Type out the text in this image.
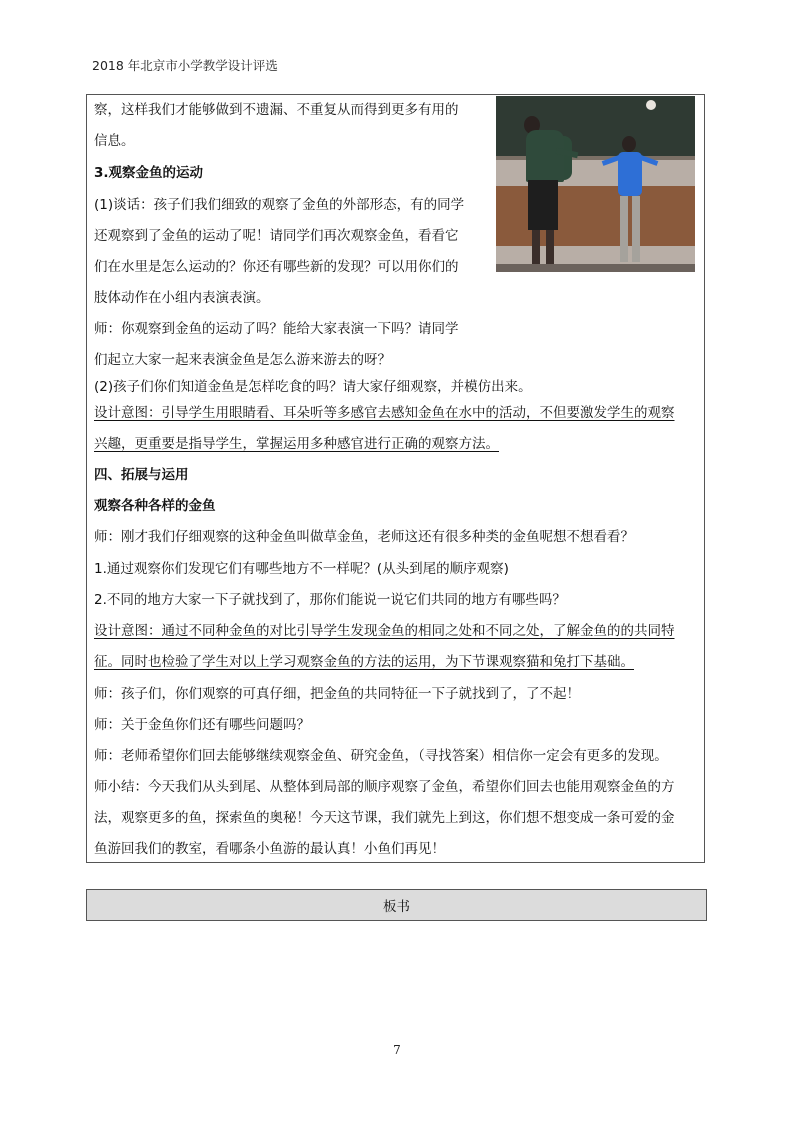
2018 年北京市小学教学设计评选
察，这样我们才能够做到不遗漏、不重复从而得到更多有用的
信息。
3.观察金鱼的运动
(1)谈话：孩子们我们细致的观察了金鱼的外部形态，有的同学
还观察到了金鱼的运动了呢！请同学们再次观察金鱼，看看它
们在水里是怎么运动的？你还有哪些新的发现？可以用你们的
肢体动作在小组内表演表演。
师：你观察到金鱼的运动了吗？能给大家表演一下吗？请同学
们起立大家一起来表演金鱼是怎么游来游去的呀？
(2)孩子们你们知道金鱼是怎样吃食的吗？请大家仔细观察，并模仿出来。
设计意图：引导学生用眼睛看、耳朵听等多感官去感知金鱼在水中的活动，不但要激发学生的观察
兴趣，更重要是指导学生，掌握运用多种感官进行正确的观察方法。
四、拓展与运用
观察各种各样的金鱼
师：刚才我们仔细观察的这种金鱼叫做草金鱼，老师这还有很多种类的金鱼呢想不想看看？
1.通过观察你们发现它们有哪些地方不一样呢？(从头到尾的顺序观察)
2.不同的地方大家一下子就找到了，那你们能说一说它们共同的地方有哪些吗？
设计意图：通过不同种金鱼的对比引导学生发现金鱼的相同之处和不同之处，了解金鱼的的共同特
征。同时也检验了学生对以上学习观察金鱼的方法的运用，为下节课观察猫和兔打下基础。
师：孩子们，你们观察的可真仔细，把金鱼的共同特征一下子就找到了，了不起！
师：关于金鱼你们还有哪些问题吗？
师：老师希望你们回去能够继续观察金鱼、研究金鱼，（寻找答案）相信你一定会有更多的发现。
师小结：今天我们从头到尾、从整体到局部的顺序观察了金鱼，希望你们回去也能用观察金鱼的方
法，观察更多的鱼，探索鱼的奥秘！今天这节课，我们就先上到这，你们想不想变成一条可爱的金
鱼游回我们的教室，看哪条小鱼游的最认真！小鱼们再见！
板书
7
